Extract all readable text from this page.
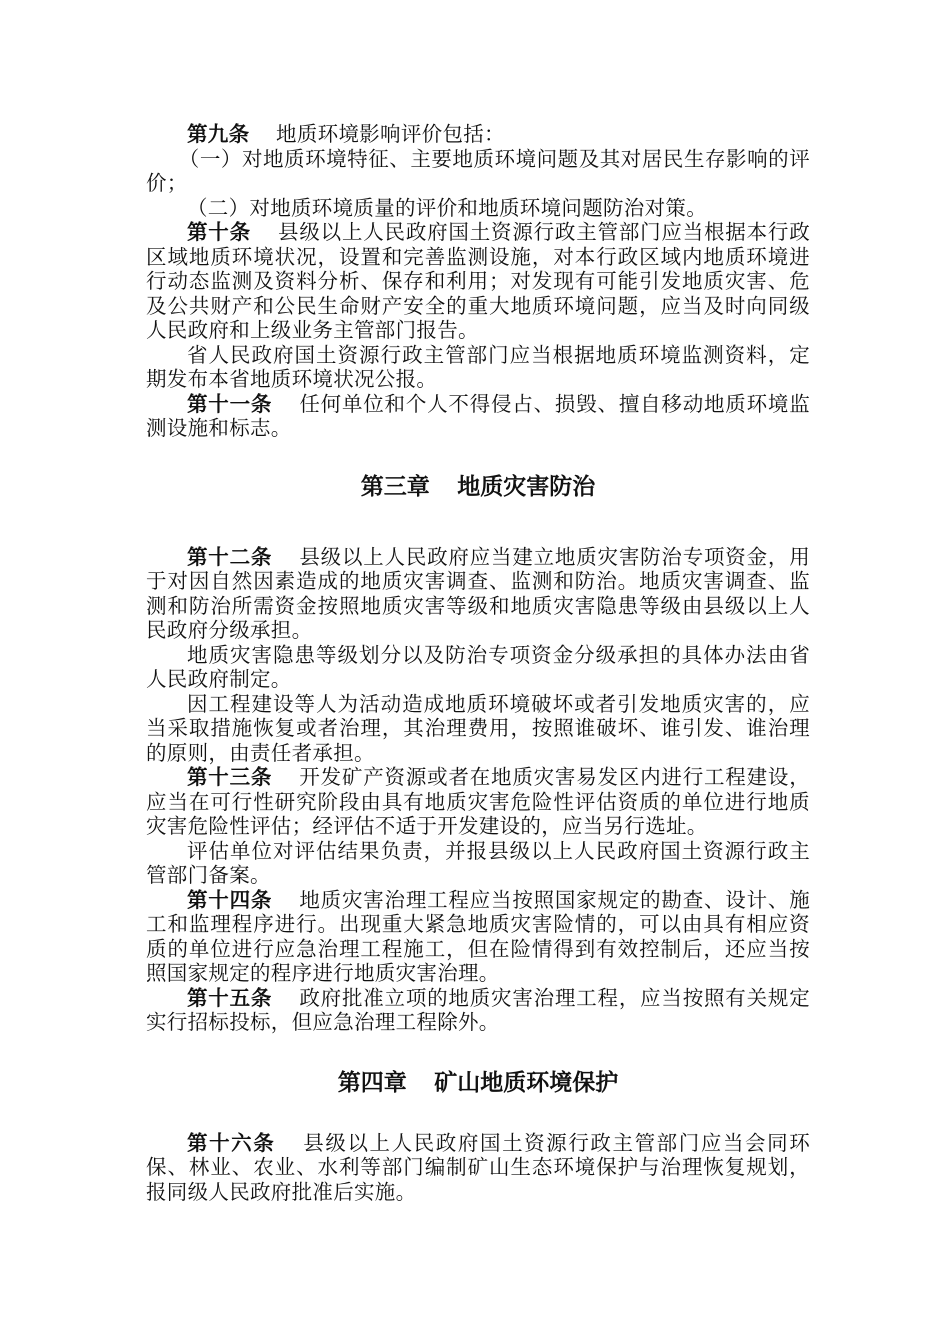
第九条 地质环境影响评价包括：

（一）对地质环境特征、主要地质环境问题及其对居民生存影响的评价；

（二）对地质环境质量的评价和地质环境问题防治对策。

第十条 县级以上人民政府国土资源行政主管部门应当根据本行政区域地质环境状况，设置和完善监测设施，对本行政区域内地质环境进行动态监测及资料分析、保存和利用；对发现有可能引发地质灾害、危及公共财产和公民生命财产安全的重大地质环境问题，应当及时向同级人民政府和上级业务主管部门报告。

省人民政府国土资源行政主管部门应当根据地质环境监测资料，定期发布本省地质环境状况公报。

第十一条 任何单位和个人不得侵占、损毁、擅自移动地质环境监测设施和标志。

第三章 地质灾害防治

第十二条 县级以上人民政府应当建立地质灾害防治专项资金，用于对因自然因素造成的地质灾害调查、监测和防治。地质灾害调查、监测和防治所需资金按照地质灾害等级和地质灾害隐患等级由县级以上人民政府分级承担。

地质灾害隐患等级划分以及防治专项资金分级承担的具体办法由省人民政府制定。

因工程建设等人为活动造成地质环境破坏或者引发地质灾害的，应当采取措施恢复或者治理，其治理费用，按照谁破坏、谁引发、谁治理的原则，由责任者承担。

第十三条 开发矿产资源或者在地质灾害易发区内进行工程建设，应当在可行性研究阶段由具有地质灾害危险性评估资质的单位进行地质灾害危险性评估；经评估不适于开发建设的，应当另行选址。

评估单位对评估结果负责，并报县级以上人民政府国土资源行政主管部门备案。

第十四条 地质灾害治理工程应当按照国家规定的勘查、设计、施工和监理程序进行。出现重大紧急地质灾害险情的，可以由具有相应资质的单位进行应急治理工程施工，但在险情得到有效控制后，还应当按照国家规定的程序进行地质灾害治理。

第十五条 政府批准立项的地质灾害治理工程，应当按照有关规定实行招标投标，但应急治理工程除外。

第四章 矿山地质环境保护

第十六条 县级以上人民政府国土资源行政主管部门应当会同环保、林业、农业、水利等部门编制矿山生态环境保护与治理恢复规划，报同级人民政府批准后实施。
